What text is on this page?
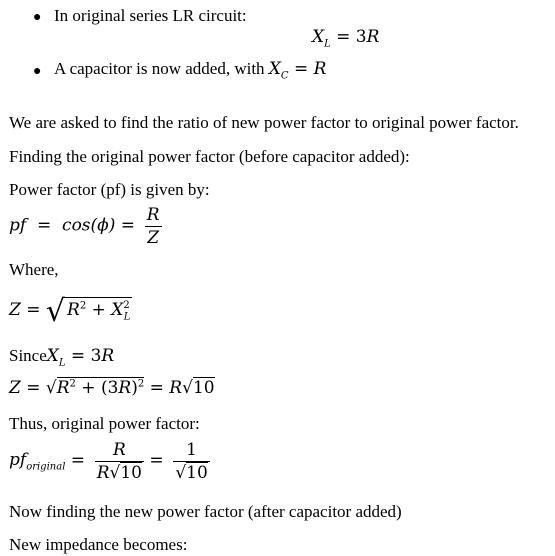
● In original series LR circuit:
$X_L = 3R$
● A capacitor is now added, with $X_C = R$
We are asked to find the ratio of new power factor to original power factor.
Finding the original power factor (before capacitor added):
Power factor (pf) is given by:
pf  =  $\cos(\phi) = \frac{R}{Z}$
Where,
Z = √ $R^2 + X^2_L$
SinceX$_L$ = 3R
$Z = √R^2 + (3R)^2 = R√10$
Thus, original power factor:
$pf_{original} = \frac{R}{R√10} = \frac{1}{√10}$
Now finding the new power factor (after capacitor added)
New impedance becomes:
